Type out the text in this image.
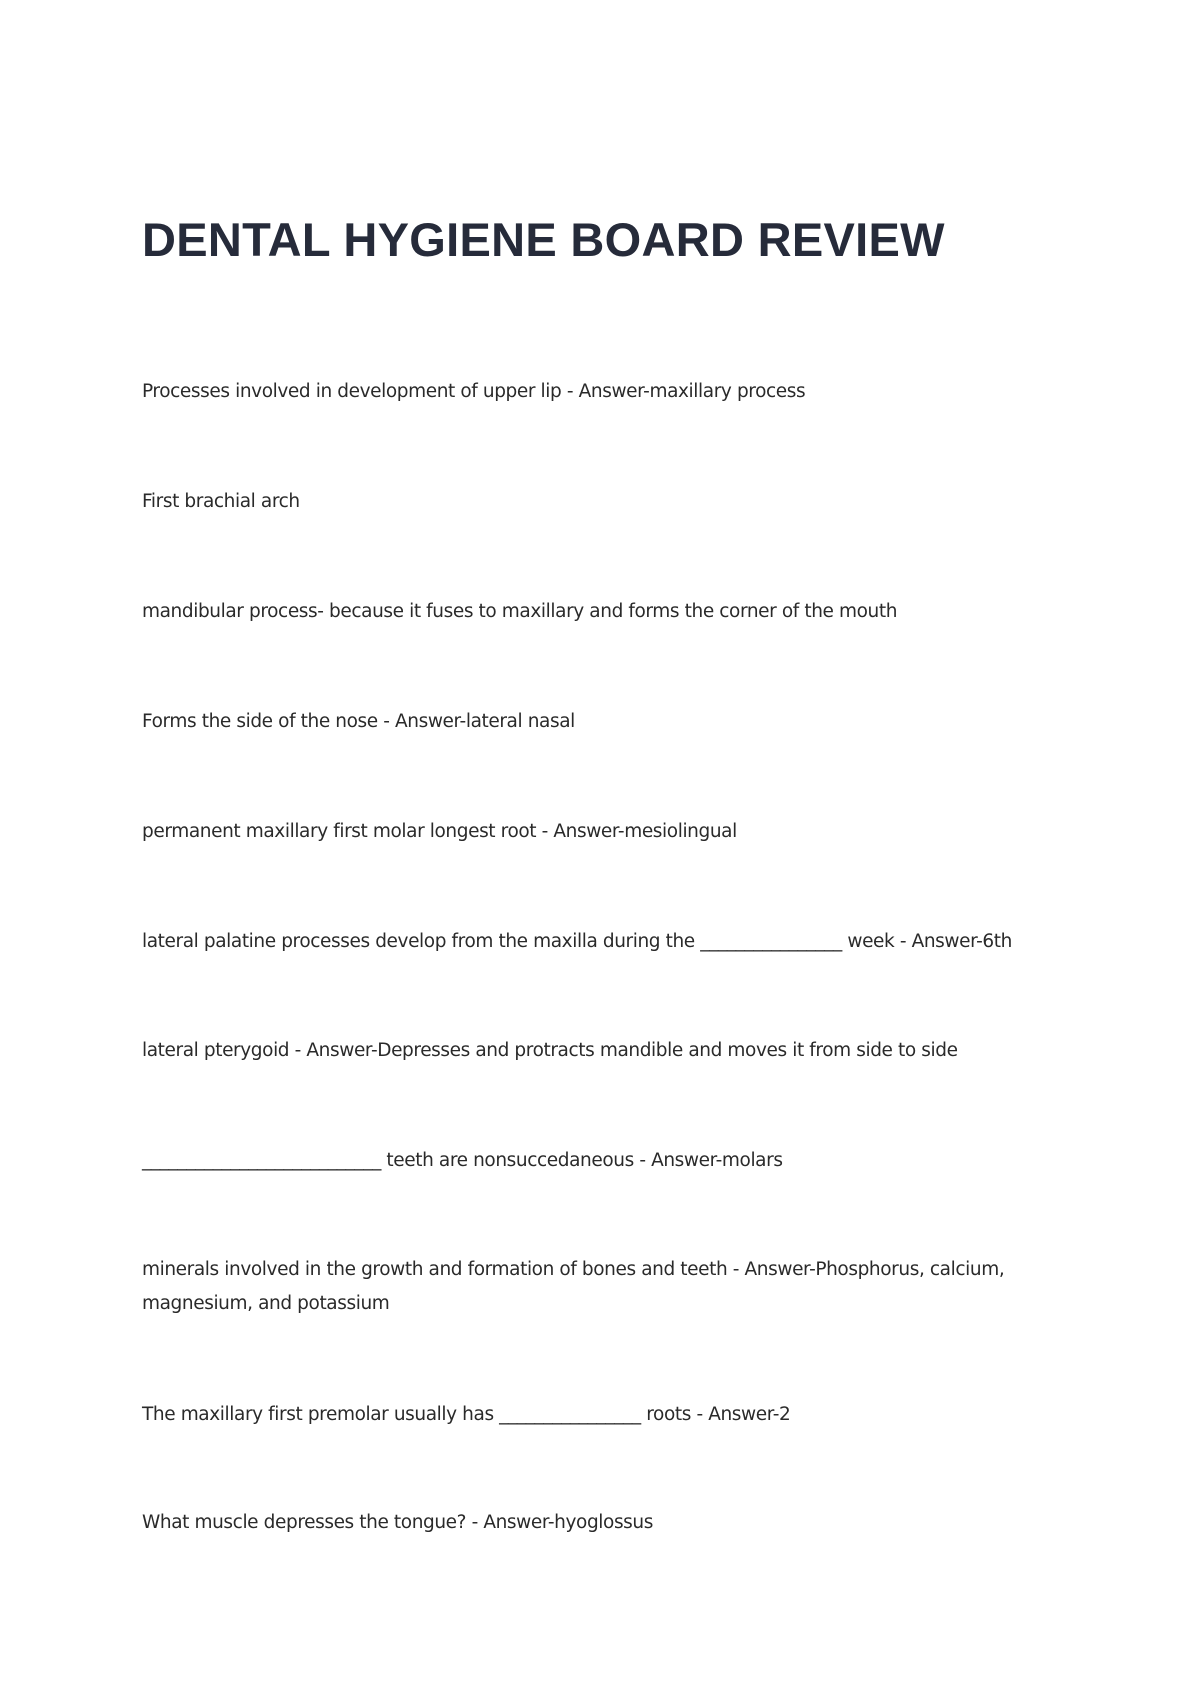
DENTAL HYGIENE BOARD REVIEW

Processes involved in development of upper lip - Answer-maxillary process

First brachial arch

mandibular process- because it fuses to maxillary and forms the corner of the mouth

Forms the side of the nose - Answer-lateral nasal

permanent maxillary first molar longest root - Answer-mesiolingual

lateral palatine processes develop from the maxilla during the ________________ week - Answer-6th

lateral pterygoid - Answer-Depresses and protracts mandible and moves it from side to side

___________________________ teeth are nonsuccedaneous - Answer-molars

minerals involved in the growth and formation of bones and teeth - Answer-Phosphorus, calcium, magnesium, and potassium

The maxillary first premolar usually has ________________ roots - Answer-2

What muscle depresses the tongue? - Answer-hyoglossus
